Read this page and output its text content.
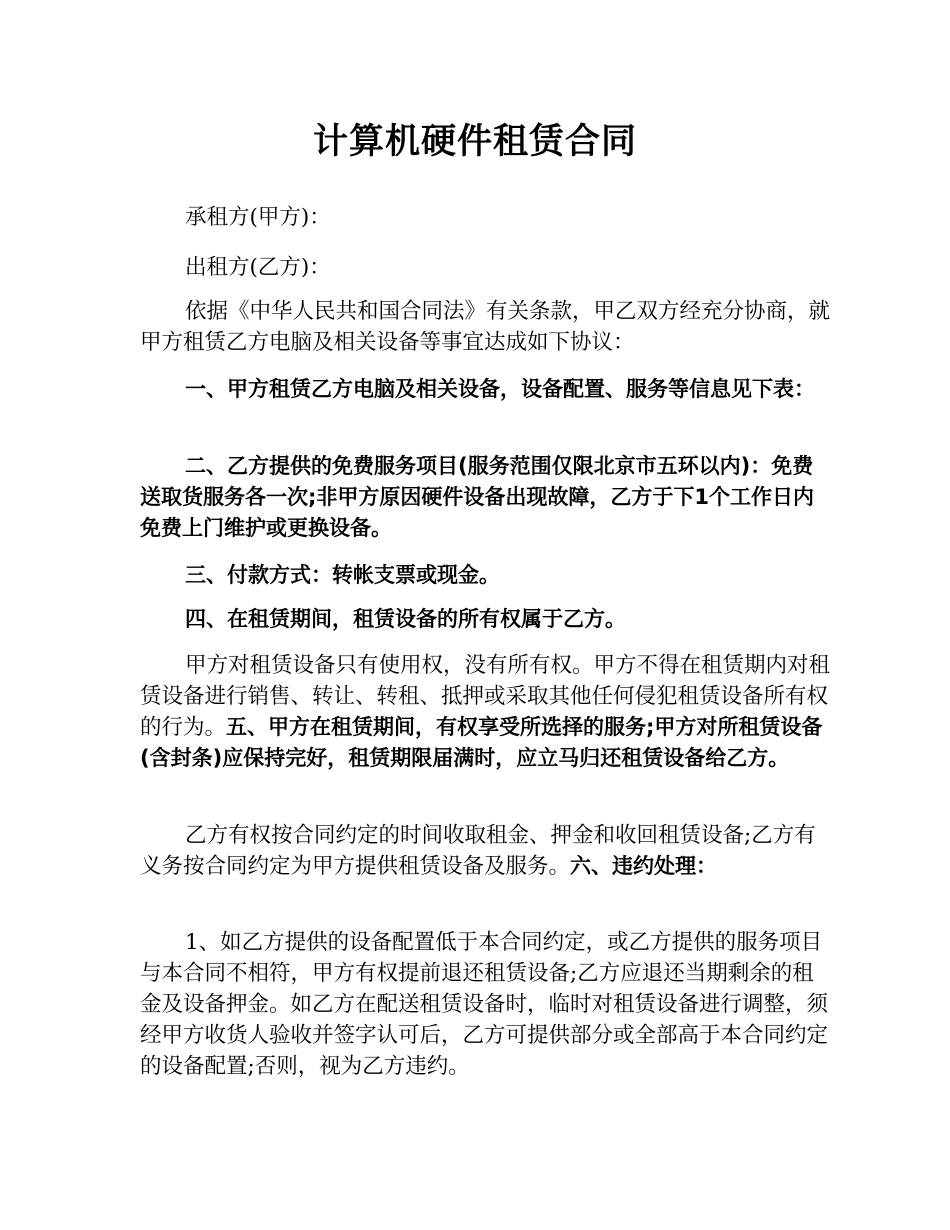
计算机硬件租赁合同

承租方(甲方)：

出租方(乙方)：

依据《中华人民共和国合同法》有关条款，甲乙双方经充分协商，就甲方租赁乙方电脑及相关设备等事宜达成如下协议：

一、甲方租赁乙方电脑及相关设备，设备配置、服务等信息见下表：

二、乙方提供的免费服务项目(服务范围仅限北京市五环以内)：免费送取货服务各一次;非甲方原因硬件设备出现故障，乙方于下1个工作日内免费上门维护或更换设备。

三、付款方式：转帐支票或现金。

四、在租赁期间，租赁设备的所有权属于乙方。

甲方对租赁设备只有使用权，没有所有权。甲方不得在租赁期内对租赁设备进行销售、转让、转租、抵押或采取其他任何侵犯租赁设备所有权的行为。五、甲方在租赁期间，有权享受所选择的服务;甲方对所租赁设备(含封条)应保持完好，租赁期限届满时，应立马归还租赁设备给乙方。

乙方有权按合同约定的时间收取租金、押金和收回租赁设备;乙方有义务按合同约定为甲方提供租赁设备及服务。六、违约处理：

1、如乙方提供的设备配置低于本合同约定，或乙方提供的服务项目与本合同不相符，甲方有权提前退还租赁设备;乙方应退还当期剩余的租金及设备押金。如乙方在配送租赁设备时，临时对租赁设备进行调整，须经甲方收货人验收并签字认可后，乙方可提供部分或全部高于本合同约定的设备配置;否则，视为乙方违约。
